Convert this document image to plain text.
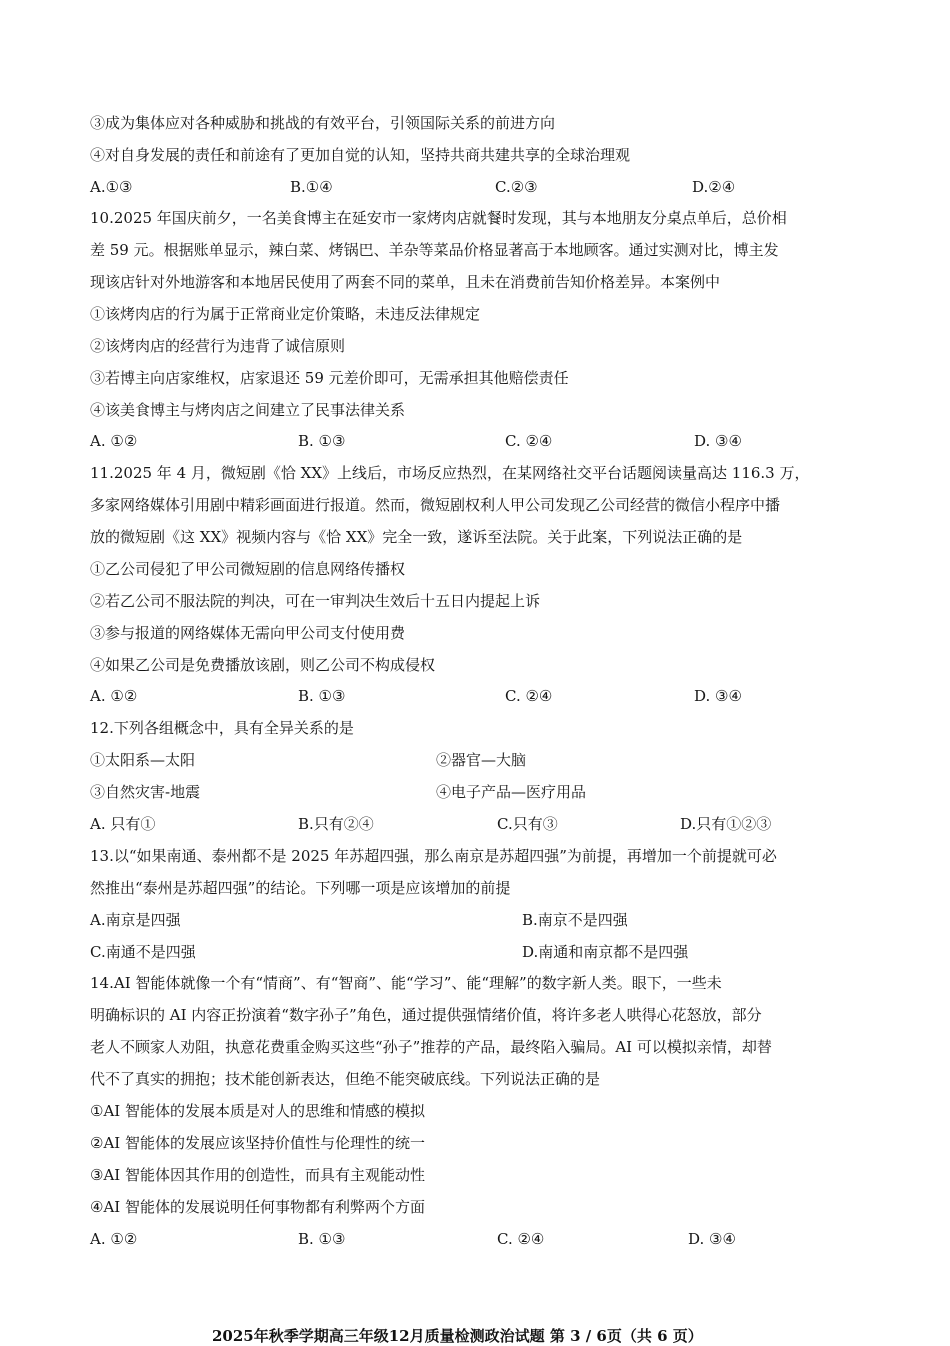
③成为集体应对各种威胁和挑战的有效平台，引领国际关系的前进方向
④对自身发展的责任和前途有了更加自觉的认知，坚持共商共建共享的全球治理观
A.①③	B.①④	C.②③	D.②④
10.2025 年国庆前夕，一名美食博主在延安市一家烤肉店就餐时发现，其与本地朋友分桌点单后，总价相
差 59 元。根据账单显示，辣白菜、烤锅巴、羊杂等菜品价格显著高于本地顾客。通过实测对比，博主发
现该店针对外地游客和本地居民使用了两套不同的菜单，且未在消费前告知价格差异。本案例中
①该烤肉店的行为属于正常商业定价策略，未违反法律规定
②该烤肉店的经营行为违背了诚信原则
③若博主向店家维权，店家退还 59 元差价即可，无需承担其他赔偿责任
④该美食博主与烤肉店之间建立了民事法律关系
A. ①②	B. ①③	C. ②④	D. ③④
11.2025 年 4 月，微短剧《恰 XX》上线后，市场反应热烈，在某网络社交平台话题阅读量高达 116.3 万，
多家网络媒体引用剧中精彩画面进行报道。然而，微短剧权利人甲公司发现乙公司经营的微信小程序中播
放的微短剧《这 XX》视频内容与《恰 XX》完全一致，遂诉至法院。关于此案，下列说法正确的是
①乙公司侵犯了甲公司微短剧的信息网络传播权
②若乙公司不服法院的判决，可在一审判决生效后十五日内提起上诉
③参与报道的网络媒体无需向甲公司支付使用费
④如果乙公司是免费播放该剧，则乙公司不构成侵权
A. ①②	B. ①③	C. ②④	D. ③④
12.下列各组概念中，具有全异关系的是
①太阳系—太阳	②器官—大脑
③自然灾害-地震	④电子产品—医疗用品
A. 只有①	B.只有②④	C.只有③	D.只有①②③
13.以“如果南通、泰州都不是 2025 年苏超四强，那么南京是苏超四强”为前提，再增加一个前提就可必
然推出“泰州是苏超四强”的结论。下列哪一项是应该增加的前提
A.南京是四强	B.南京不是四强
C.南通不是四强	D.南通和南京都不是四强
14.AI 智能体就像一个有“情商”、有“智商”、能“学习”、能“理解”的数字新人类。眼下，一些未
明确标识的 AI 内容正扮演着“数字孙子”角色，通过提供强情绪价值，将许多老人哄得心花怒放，部分
老人不顾家人劝阻，执意花费重金购买这些“孙子”推荐的产品，最终陷入骗局。AI 可以模拟亲情，却替
代不了真实的拥抱；技术能创新表达，但绝不能突破底线。下列说法正确的是
①AI 智能体的发展本质是对人的思维和情感的模拟
②AI 智能体的发展应该坚持价值性与伦理性的统一
③AI 智能体因其作用的创造性，而具有主观能动性
④AI 智能体的发展说明任何事物都有利弊两个方面
A. ①②	B. ①③	C. ②④	D. ③④
2025年秋季学期高三年级12月质量检测政治试题 第 3 / 6页（共 6 页）
